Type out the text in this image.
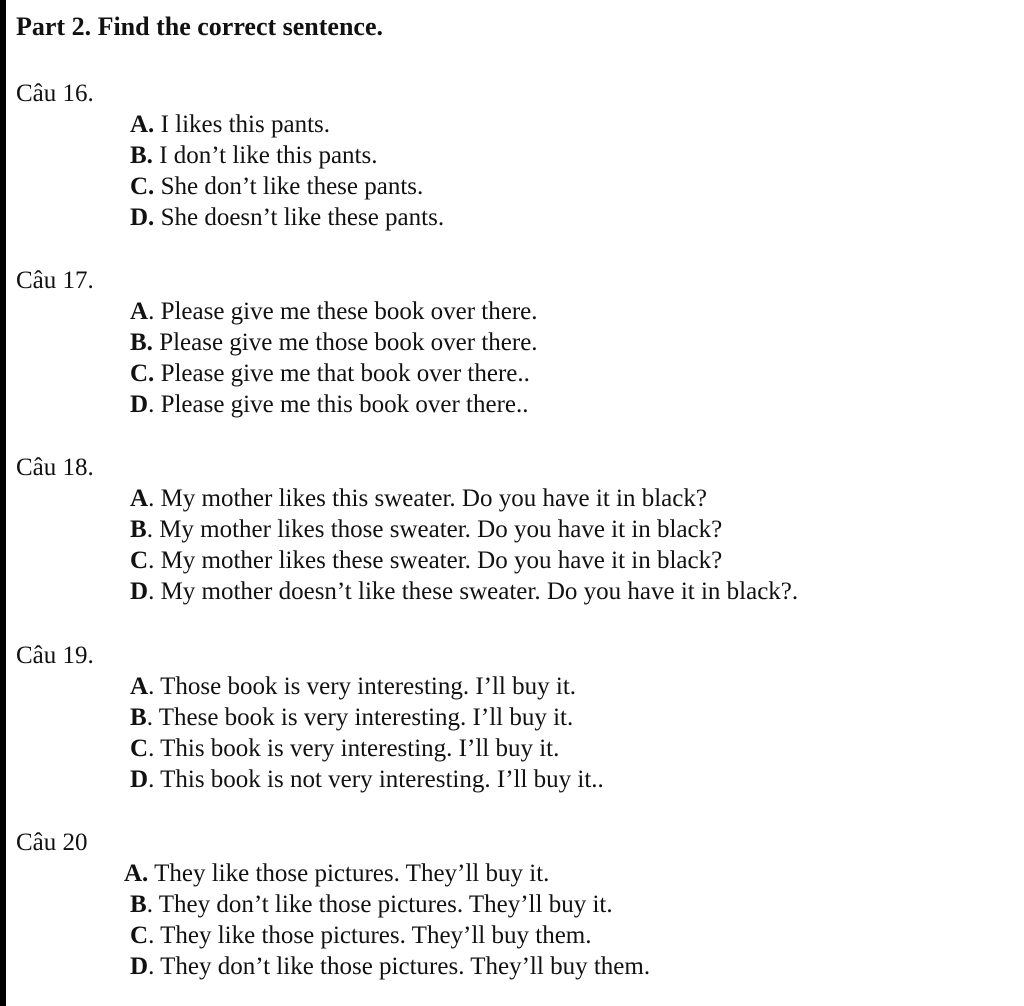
Part 2. Find the correct sentence.
Câu 16.
A. I likes this pants.
B. I don’t like this pants.
C. She don’t like these pants.
D. She doesn’t like these pants.
Câu 17.
A. Please give me these book over there.
B. Please give me those book over there.
C. Please give me that book over there..
D. Please give me this book over there..
Câu 18.
A. My mother likes this sweater. Do you have it in black?
B. My mother likes those sweater. Do you have it in black?
C. My mother likes these sweater. Do you have it in black?
D. My mother doesn’t like these sweater. Do you have it in black?.
Câu 19.
A. Those book is very interesting. I’ll buy it.
B. These book is very interesting. I’ll buy it.
C. This book is very interesting. I’ll buy it.
D. This book is not very interesting. I’ll buy it..
Câu 20
A. They like those pictures. They’ll buy it.
B. They don’t like those pictures. They’ll buy it.
C. They like those pictures. They’ll buy them.
D. They don’t like those pictures. They’ll buy them.
